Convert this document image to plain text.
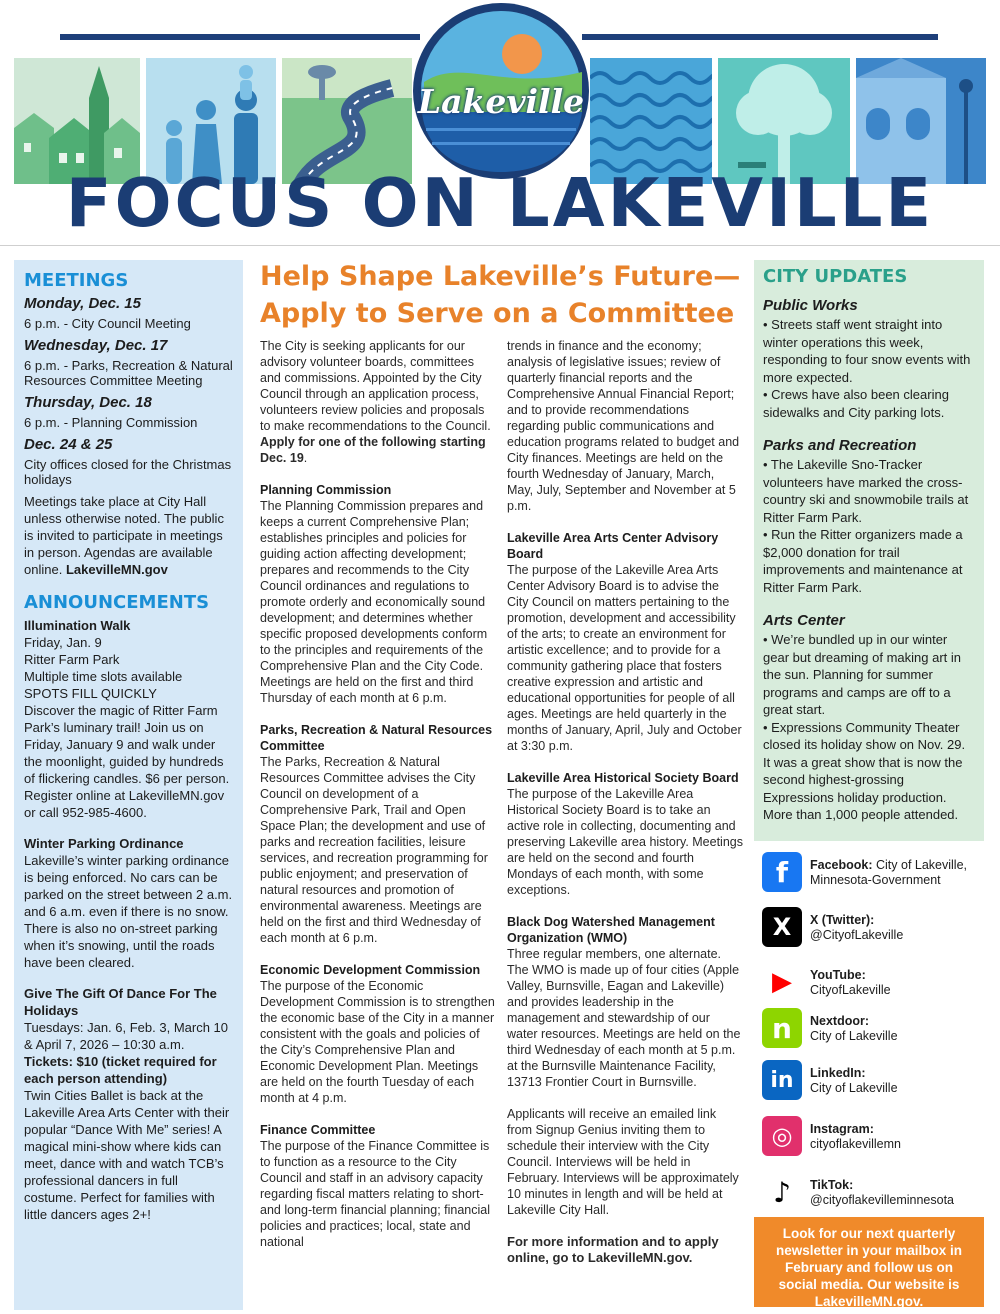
Lakeville
FOCUS ON LAKEVILLE
MEETINGS
Monday, Dec. 15
6 p.m. - City Council Meeting
Wednesday, Dec. 17
6 p.m. - Parks, Recreation & Natural Resources Committee Meeting
Thursday, Dec. 18
6 p.m. - Planning Commission
Dec. 24 & 25
City offices closed for the Christmas holidays
Meetings take place at City Hall unless otherwise noted. The public is invited to participate in meetings in person. Agendas are available online. LakevilleMN.gov
ANNOUNCEMENTS
Illumination Walk
Friday, Jan. 9
Ritter Farm Park
Multiple time slots available
SPOTS FILL QUICKLY
Discover the magic of Ritter Farm Park’s luminary trail! Join us on Friday, January 9 and walk under the moonlight, guided by hundreds of flickering candles. $6 per person. Register online at LakevilleMN.gov or call 952-985-4600.
Winter Parking Ordinance
Lakeville’s winter parking ordinance is being enforced. No cars can be parked on the street between 2 a.m. and 6 a.m. even if there is no snow. There is also no on-street parking when it’s snowing, until the roads have been cleared.
Give The Gift Of Dance For The Holidays
Tuesdays: Jan. 6, Feb. 3, March 10 & April 7, 2026 – 10:30 a.m.
Tickets: $10 (ticket required for each person attending)
Twin Cities Ballet is back at the Lakeville Area Arts Center with their popular “Dance With Me” series! A magical mini-show where kids can meet, dance with and watch TCB’s professional dancers in full costume. Perfect for families with little dancers ages 2+!
Help Shape Lakeville’s Future—Apply to Serve on a Committee

The City is seeking applicants for our advisory volunteer boards, committees and commissions. Appointed by the City Council through an application process, volunteers review policies and proposals to make recommendations to the Council. Apply for one of the following starting Dec. 19.

Planning Commission
The Planning Commission prepares and keeps a current Comprehensive Plan; establishes principles and policies for guiding action affecting development; prepares and recommends to the City Council ordinances and regulations to promote orderly and economically sound development; and determines whether specific proposed developments conform to the principles and requirements of the Comprehensive Plan and the City Code. Meetings are held on the first and third Thursday of each month at 6 p.m.

Parks, Recreation & Natural Resources Committee
The Parks, Recreation & Natural Resources Committee advises the City Council on development of a Comprehensive Park, Trail and Open Space Plan; the development and use of parks and recreation facilities, leisure services, and recreation programming for public enjoyment; and preservation of natural resources and promotion of environmental awareness. Meetings are held on the first and third Wednesday of each month at 6 p.m.

Economic Development Commission
The purpose of the Economic Development Commission is to strengthen the economic base of the City in a manner consistent with the goals and policies of the City’s Comprehensive Plan and Economic Development Plan. Meetings are held on the fourth Tuesday of each month at 4 p.m.

Finance Committee
The purpose of the Finance Committee is to function as a resource to the City Council and staff in an advisory capacity regarding fiscal matters relating to short- and long-term financial planning; financial policies and practices; local, state and national

trends in finance and the economy; analysis of legislative issues; review of quarterly financial reports and the Comprehensive Annual Financial Report; and to provide recommendations regarding public communications and education programs related to budget and City finances. Meetings are held on the fourth Wednesday of January, March, May, July, September and November at 5 p.m.

Lakeville Area Arts Center Advisory Board
The purpose of the Lakeville Area Arts Center Advisory Board is to advise the City Council on matters pertaining to the promotion, development and accessibility of the arts; to create an environment for artistic excellence; and to provide for a community gathering place that fosters creative expression and artistic and educational opportunities for people of all ages. Meetings are held quarterly in the months of January, April, July and October at 3:30 p.m.

Lakeville Area Historical Society Board
The purpose of the Lakeville Area Historical Society Board is to take an active role in collecting, documenting and preserving Lakeville area history. Meetings are held on the second and fourth Mondays of each month, with some exceptions.

Black Dog Watershed Management Organization (WMO)
Three regular members, one alternate. The WMO is made up of four cities (Apple Valley, Burnsville, Eagan and Lakeville) and provides leadership in the management and stewardship of our water resources. Meetings are held on the third Wednesday of each month at 5 p.m. at the Burnsville Maintenance Facility, 13713 Frontier Court in Burnsville.

Applicants will receive an emailed link from Signup Genius inviting them to schedule their interview with the City Council. Interviews will be held in February. Interviews will be approximately 10 minutes in length and will be held at Lakeville City Hall.

For more information and to apply online, go to LakevilleMN.gov.

CITY UPDATES
Public Works
• Streets staff went straight into winter operations this week, responding to four snow events with more expected.
• Crews have also been clearing sidewalks and City parking lots.
Parks and Recreation
• The Lakeville Sno-Tracker volunteers have marked the cross-country ski and snowmobile trails at Ritter Farm Park.
• Run the Ritter organizers made a $2,000 donation for trail improvements and maintenance at Ritter Farm Park.
Arts Center
• We’re bundled up in our winter gear but dreaming of making art in the sun. Planning for summer programs and camps are off to a great start.
• Expressions Community Theater closed its holiday show on Nov. 29. It was a great show that is now the second highest-grossing Expressions holiday production. More than 1,000 people attended.
f	Facebook: City of Lakeville, Minnesota-Government
X	X (Twitter):
@CityofLakeville
▶	YouTube:
CityofLakeville
n	Nextdoor:
City of Lakeville
in	LinkedIn:
City of Lakeville
◎	Instagram:
cityoflakevillemn
♪	TikTok:
@cityoflakevilleminnesota
Look for our next quarterly newsletter in your mailbox in February and follow us on social media. Our website is LakevilleMN.gov.
